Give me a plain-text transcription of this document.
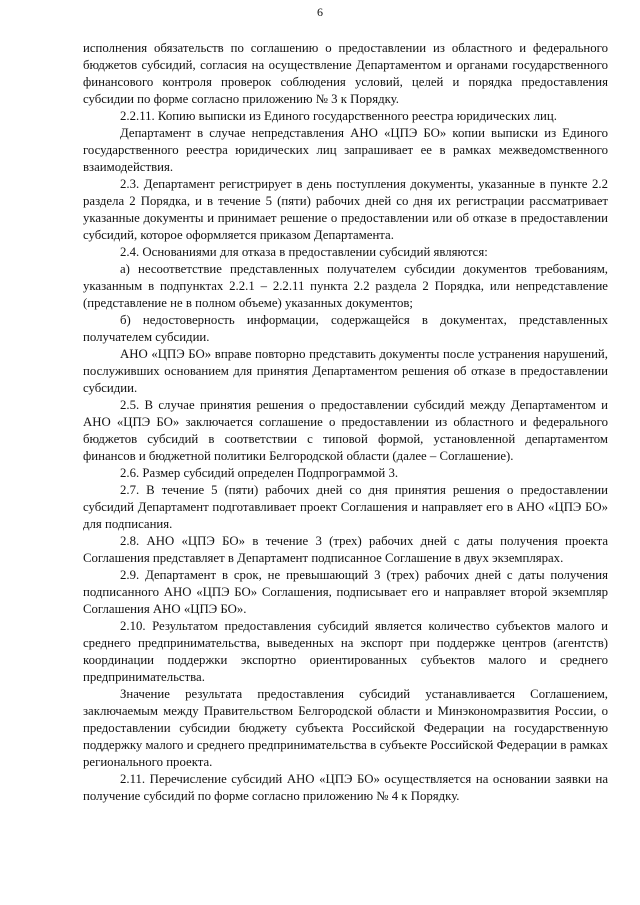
6

исполнения обязательств по соглашению о предоставлении из областного и федерального бюджетов субсидий, согласия на осуществление Департаментом и органами государственного финансового контроля проверок соблюдения условий, целей и порядка предоставления субсидии по форме согласно приложению № 3 к Порядку.

2.2.11. Копию выписки из Единого государственного реестра юридических лиц.

Департамент в случае непредставления АНО «ЦПЭ БО» копии выписки из Единого государственного реестра юридических лиц запрашивает ее в рамках межведомственного взаимодействия.

2.3. Департамент регистрирует в день поступления документы, указанные в пункте 2.2 раздела 2 Порядка, и в течение 5 (пяти) рабочих дней со дня их регистрации рассматривает указанные документы и принимает решение о предоставлении или об отказе в предоставлении субсидий, которое оформляется приказом Департамента.

2.4. Основаниями для отказа в предоставлении субсидий являются:

а) несоответствие представленных получателем субсидии документов требованиям, указанным в подпунктах 2.2.1 – 2.2.11 пункта 2.2 раздела 2 Порядка, или непредставление (представление не в полном объеме) указанных документов;

б) недостоверность информации, содержащейся в документах, представленных получателем субсидии.

АНО «ЦПЭ БО» вправе повторно представить документы после устранения нарушений, послуживших основанием для принятия Департаментом решения об отказе в предоставлении субсидии.

2.5. В случае принятия решения о предоставлении субсидий между Департаментом и АНО «ЦПЭ БО» заключается соглашение о предоставлении из областного и федерального бюджетов субсидий в соответствии с типовой формой, установленной департаментом финансов и бюджетной политики Белгородской области (далее – Соглашение).

2.6. Размер субсидий определен Подпрограммой 3.

2.7. В течение 5 (пяти) рабочих дней со дня принятия решения о предоставлении субсидий Департамент подготавливает проект Соглашения и направляет его в АНО «ЦПЭ БО» для подписания.

2.8. АНО «ЦПЭ БО» в течение 3 (трех) рабочих дней с даты получения проекта Соглашения представляет в Департамент подписанное Соглашение в двух экземплярах.

2.9. Департамент в срок, не превышающий 3 (трех) рабочих дней с даты получения подписанного АНО «ЦПЭ БО» Соглашения, подписывает его и направляет второй экземпляр Соглашения АНО «ЦПЭ БО».

2.10. Результатом предоставления субсидий является количество субъектов малого и среднего предпринимательства, выведенных на экспорт при поддержке центров (агентств) координации поддержки экспортно ориентированных субъектов малого и среднего предпринимательства.

Значение результата предоставления субсидий устанавливается Соглашением, заключаемым между Правительством Белгородской области и Минэкономразвития России, о предоставлении субсидии бюджету субъекта Российской Федерации на государственную поддержку малого и среднего предпринимательства в субъекте Российской Федерации в рамках регионального проекта.

2.11. Перечисление субсидий АНО «ЦПЭ БО» осуществляется на основании заявки на получение субсидий по форме согласно приложению № 4 к Порядку.
